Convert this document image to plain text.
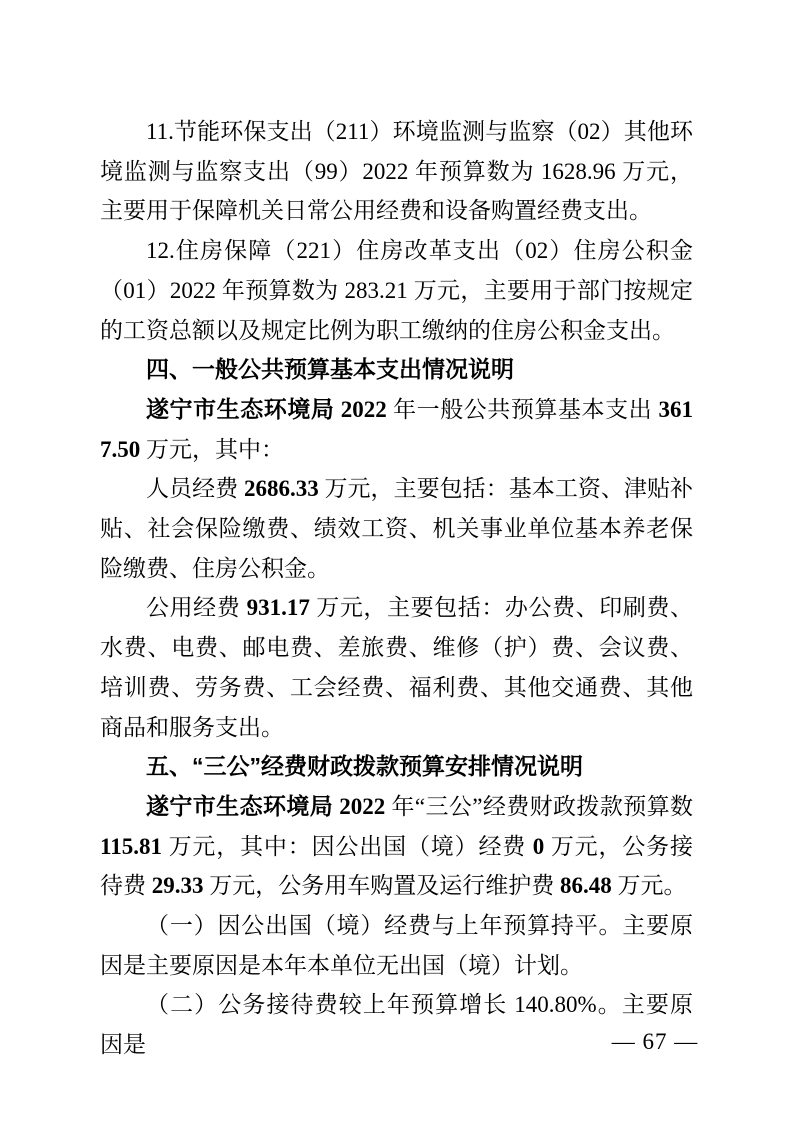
11.节能环保支出（211）环境监测与监察（02）其他环境监测与监察支出（99）2022 年预算数为 1628.96 万元，主要用于保障机关日常公用经费和设备购置经费支出。

12.住房保障（221）住房改革支出（02）住房公积金（01）2022 年预算数为 283.21 万元，主要用于部门按规定的工资总额以及规定比例为职工缴纳的住房公积金支出。

四、一般公共预算基本支出情况说明

遂宁市生态环境局 2022 年一般公共预算基本支出 3617.50 万元，其中：

人员经费 2686.33 万元，主要包括：基本工资、津贴补贴、社会保险缴费、绩效工资、机关事业单位基本养老保险缴费、住房公积金。

公用经费 931.17 万元，主要包括：办公费、印刷费、水费、电费、邮电费、差旅费、维修（护）费、会议费、培训费、劳务费、工会经费、福利费、其他交通费、其他商品和服务支出。

五、“三公”经费财政拨款预算安排情况说明

遂宁市生态环境局 2022 年“三公”经费财政拨款预算数 115.81 万元，其中：因公出国（境）经费 0 万元，公务接待费 29.33 万元，公务用车购置及运行维护费 86.48 万元。

（一）因公出国（境）经费与上年预算持平。主要原因是主要原因是本年本单位无出国（境）计划。

（二）公务接待费较上年预算增长 140.80%。主要原因是	— 67 —
